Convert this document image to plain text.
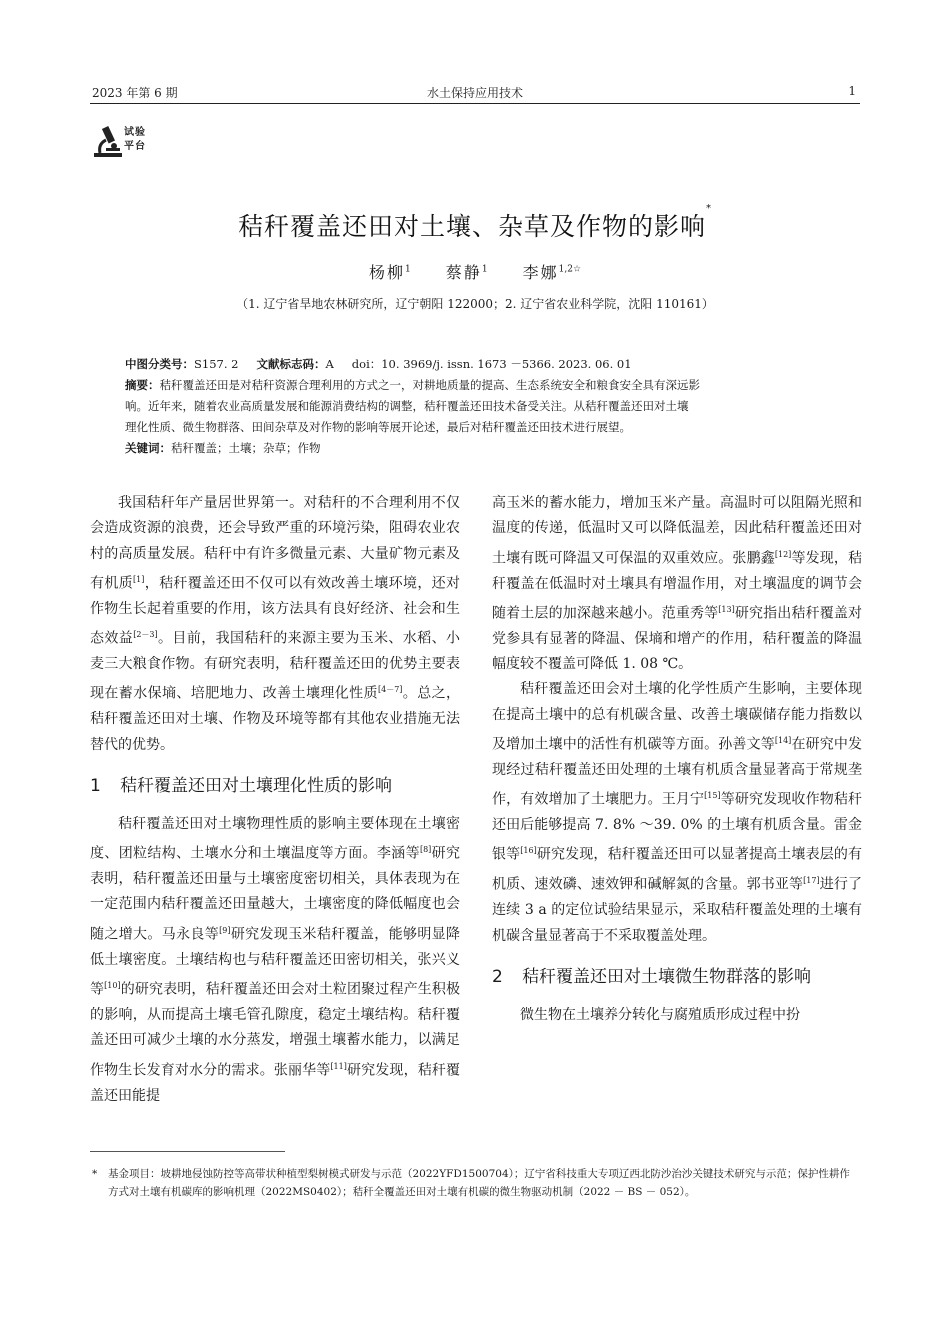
2023 年第 6 期	水土保持应用技术	1
试验
平台
秸秆覆盖还田对土壤、杂草及作物的影响*
杨柳$^1$ 蔡静$^1$ 李娜$^{1,2☆}$
（1. 辽宁省旱地农林研究所，辽宁朝阳 122000；2. 辽宁省农业科学院，沈阳 110161）
中图分类号：S157. 2 文献标志码：A doi：10. 3969/j. issn. 1673 －5366. 2023. 06. 01
摘要：秸秆覆盖还田是对秸秆资源合理利用的方式之一，对耕地质量的提高、生态系统安全和粮食安全具有深远影
响。近年来，随着农业高质量发展和能源消费结构的调整，秸秆覆盖还田技术备受关注。从秸秆覆盖还田对土壤
理化性质、微生物群落、田间杂草及对作物的影响等展开论述，最后对秸秆覆盖还田技术进行展望。
关键词：秸秆覆盖；土壤；杂草；作物

我国秸秆年产量居世界第一。对秸秆的不合理利用不仅会造成资源的浪费，还会导致严重的环境污染，阻碍农业农村的高质量发展。秸秆中有许多微量元素、大量矿物元素及有机质[1]，秸秆覆盖还田不仅可以有效改善土壤环境，还对作物生长起着重要的作用，该方法具有良好经济、社会和生态效益[2－3]。目前，我国秸秆的来源主要为玉米、水稻、小麦三大粮食作物。有研究表明，秸秆覆盖还田的优势主要表现在蓄水保墒、培肥地力、改善土壤理化性质[4－7]。总之，秸秆覆盖还田对土壤、作物及环境等都有其他农业措施无法替代的优势。

1	秸秆覆盖还田对土壤理化性质的影响

秸秆覆盖还田对土壤物理性质的影响主要体现在土壤密度、团粒结构、土壤水分和土壤温度等方面。李涵等[8]研究表明，秸秆覆盖还田量与土壤密度密切相关，具体表现为在一定范围内秸秆覆盖还田量越大，土壤密度的降低幅度也会随之增大。马永良等[9]研究发现玉米秸秆覆盖，能够明显降低土壤密度。土壤结构也与秸秆覆盖还田密切相关，张兴义等[10]的研究表明，秸秆覆盖还田会对土粒团聚过程产生积极的影响，从而提高土壤毛管孔隙度，稳定土壤结构。秸秆覆盖还田可减少土壤的水分蒸发，增强土壤蓄水能力，以满足作物生长发育对水分的需求。张丽华等[11]研究发现，秸秆覆盖还田能提

高玉米的蓄水能力，增加玉米产量。高温时可以阻隔光照和温度的传递，低温时又可以降低温差，因此秸秆覆盖还田对土壤有既可降温又可保温的双重效应。张鹏鑫[12]等发现，秸秆覆盖在低温时对土壤具有增温作用，对土壤温度的调节会随着土层的加深越来越小。范重秀等[13]研究指出秸秆覆盖对党参具有显著的降温、保墒和增产的作用，秸秆覆盖的降温幅度较不覆盖可降低 1. 08 ℃。

秸秆覆盖还田会对土壤的化学性质产生影响，主要体现在提高土壤中的总有机碳含量、改善土壤碳储存能力指数以及增加土壤中的活性有机碳等方面。孙善文等[14]在研究中发现经过秸秆覆盖还田处理的土壤有机质含量显著高于常规垄作，有效增加了土壤肥力。王月宁[15]等研究发现收作物秸秆还田后能够提高 7. 8% ～39. 0% 的土壤有机质含量。雷金银等[16]研究发现，秸秆覆盖还田可以显著提高土壤表层的有机质、速效磷、速效钾和碱解氮的含量。郭书亚等[17]进行了连续 3 a 的定位试验结果显示，采取秸秆覆盖处理的土壤有机碳含量显著高于不采取覆盖处理。

2	秸秆覆盖还田对土壤微生物群落的影响

微生物在土壤养分转化与腐殖质形成过程中扮

* 基金项目：坡耕地侵蚀防控等高带状种植型梨树模式研发与示范（2022YFD1500704）；辽宁省科技重大专项辽西北防沙治沙关键技术研究与示范；保护性耕作方式对土壤有机碳库的影响机理（2022MS0402）；秸秆全覆盖还田对土壤有机碳的微生物驱动机制（2022 － BS － 052）。
